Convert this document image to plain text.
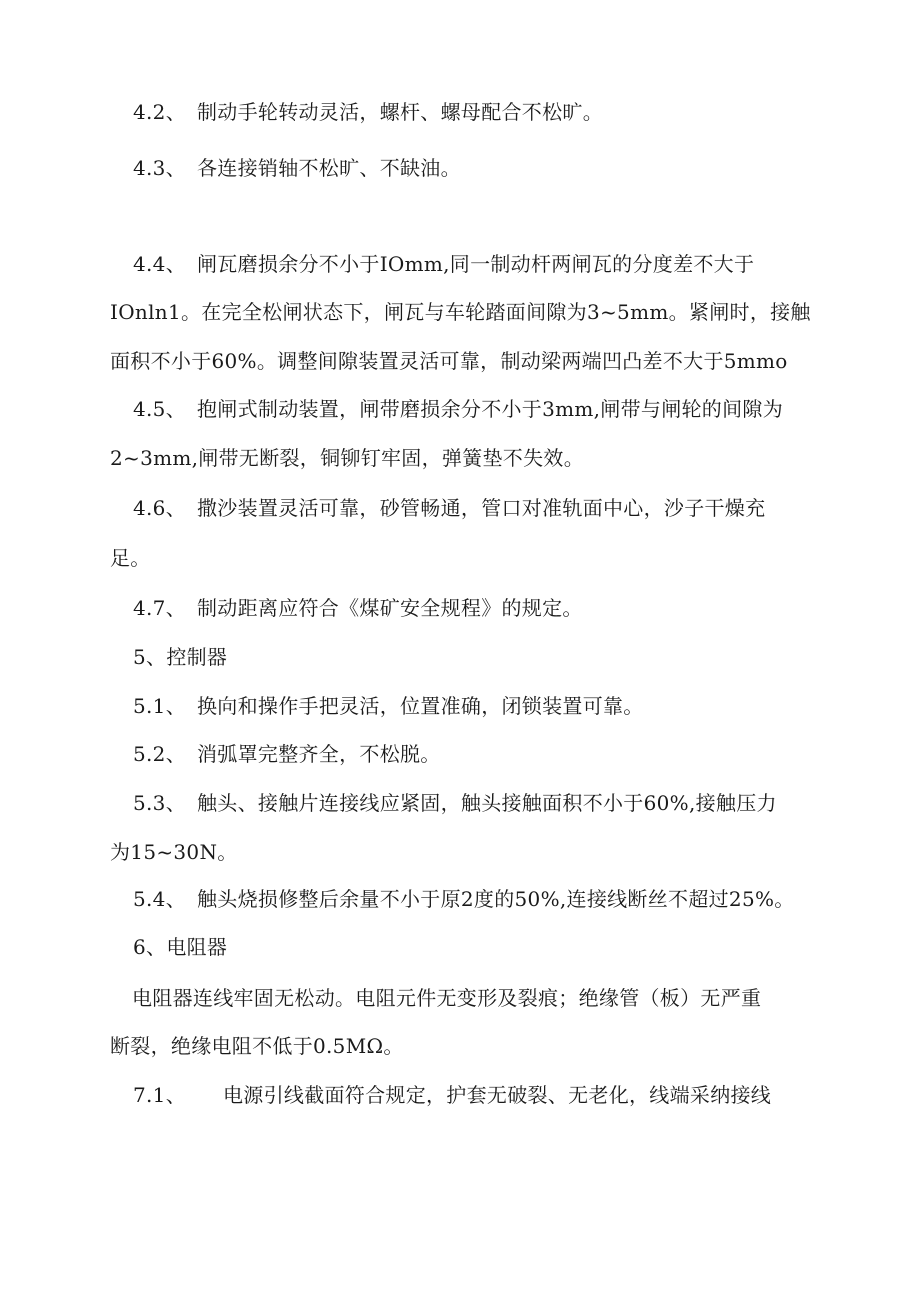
4.2、 制动手轮转动灵活，螺杆、螺母配合不松旷。
4.3、 各连接销轴不松旷、不缺油。
4.4、 闸瓦磨损余分不小于IOmm,同一制动杆两闸瓦的分度差不大于
IOnln1。在完全松闸状态下，闸瓦与车轮踏面间隙为3~5mm。紧闸时，接触
面积不小于60%。调整间隙装置灵活可靠，制动梁两端凹凸差不大于5mmo
4.5、 抱闸式制动装置，闸带磨损余分不小于3mm,闸带与闸轮的间隙为
2~3mm,闸带无断裂，铜铆钉牢固，弹簧垫不失效。
4.6、 撒沙装置灵活可靠，砂管畅通，管口对准轨面中心，沙子干燥充
足。
4.7、 制动距离应符合《煤矿安全规程》的规定。
5、控制器
5.1、 换向和操作手把灵活，位置准确，闭锁装置可靠。
5.2、 消弧罩完整齐全，不松脱。
5.3、 触头、接触片连接线应紧固，触头接触面积不小于60%,接触压力
为15~30N。
5.4、 触头烧损修整后余量不小于原2度的50%,连接线断丝不超过25%。
6、电阻器
电阻器连线牢固无松动。电阻元件无变形及裂痕；绝缘管（板）无严重
断裂，绝缘电阻不低于0.5MΩ。
7.1、 电源引线截面符合规定，护套无破裂、无老化，线端采纳接线
